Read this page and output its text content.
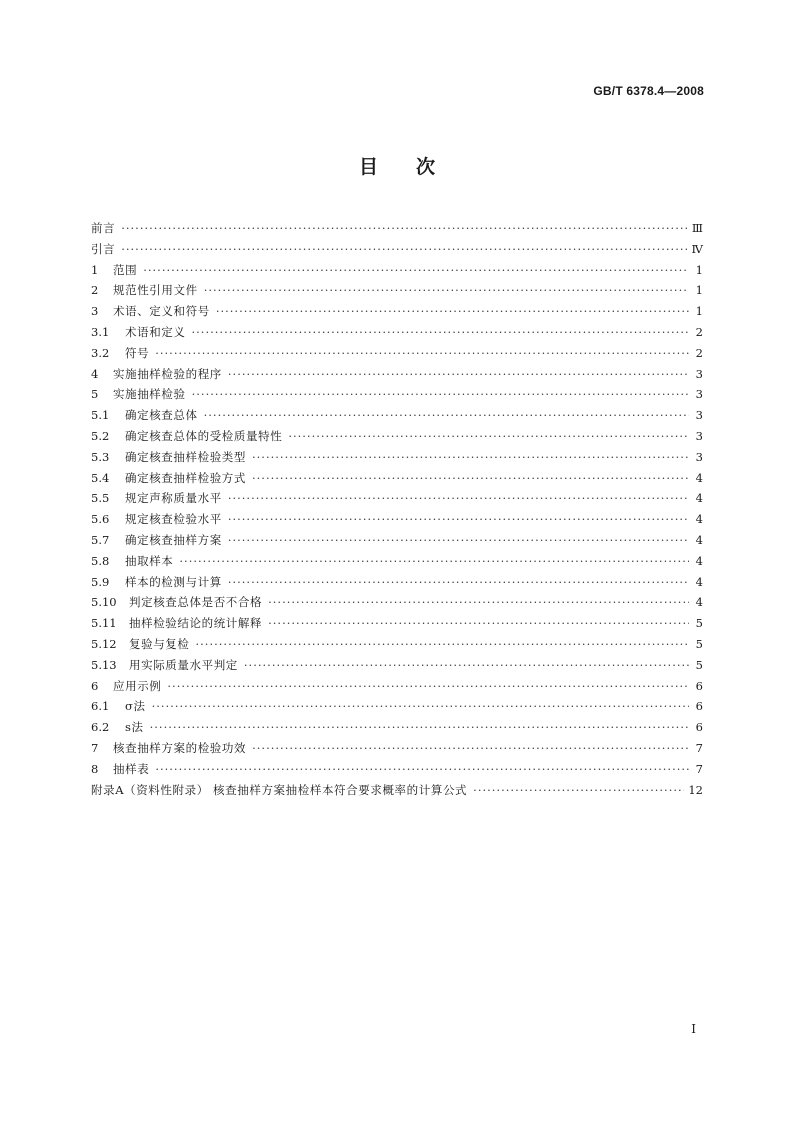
GB/T 6378.4—2008
目次
前言 ·····	Ⅲ
引言 ·····	Ⅳ
1	范围 ·····	1
2	规范性引用文件 ·····	1
3	术语、定义和符号 ·····	1
3.1	术语和定义 ·····	2
3.2	符号 ·····	2
4	实施抽样检验的程序 ·····	3
5	实施抽样检验 ·····	3
5.1	确定核查总体 ·····	3
5.2	确定核查总体的受检质量特性 ·····	3
5.3	确定核查抽样检验类型 ·····	3
5.4	确定核查抽样检验方式 ·····	4
5.5	规定声称质量水平 ·····	4
5.6	规定核查检验水平 ·····	4
5.7	确定核查抽样方案 ·····	4
5.8	抽取样本 ·····	4
5.9	样本的检测与计算 ·····	4
5.10	判定核查总体是否不合格 ·····	4
5.11	抽样检验结论的统计解释 ·····	5
5.12	复验与复检 ·····	5
5.13	用实际质量水平判定 ·····	5
6	应用示例 ·····	6
6.1	σ法 ·····	6
6.2	s法 ·····	6
7	核查抽样方案的检验功效 ·····	7
8	抽样表 ·····	7
附录A（资料性附录） 核查抽样方案抽检样本符合要求概率的计算公式 ·····	12
I
